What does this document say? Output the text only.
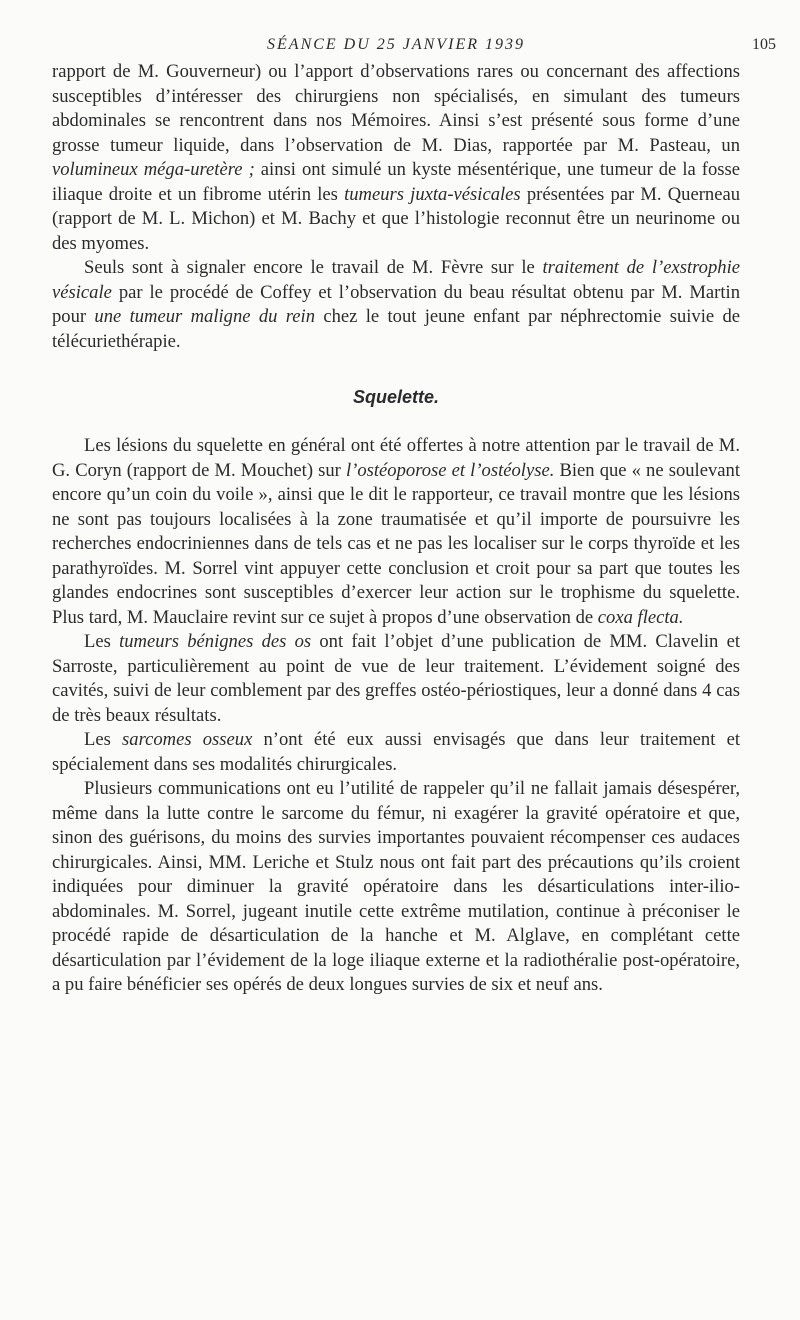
SÉANCE DU 25 JANVIER 1939	105

rapport de M. Gouverneur) ou l’apport d’observations rares ou concernant des affections susceptibles d’intéresser des chirurgiens non spécialisés, en simulant des tumeurs abdominales se rencontrent dans nos Mémoires. Ainsi s’est présenté sous forme d’une grosse tumeur liquide, dans l’observation de M. Dias, rapportée par M. Pasteau, un volumineux méga-uretère ; ainsi ont simulé un kyste mésentérique, une tumeur de la fosse iliaque droite et un fibrome utérin les tumeurs juxta-vésicales présentées par M. Querneau (rapport de M. L. Michon) et M. Bachy et que l’histologie reconnut être un neurinome ou des myomes.

Seuls sont à signaler encore le travail de M. Fèvre sur le traitement de l’exstrophie vésicale par le procédé de Coffey et l’observation du beau résultat obtenu par M. Martin pour une tumeur maligne du rein chez le tout jeune enfant par néphrectomie suivie de télécuriethérapie.

Squelette.

Les lésions du squelette en général ont été offertes à notre attention par le travail de M. G. Coryn (rapport de M. Mouchet) sur l’ostéoporose et l’ostéolyse. Bien que « ne soulevant encore qu’un coin du voile », ainsi que le dit le rapporteur, ce travail montre que les lésions ne sont pas toujours localisées à la zone traumatisée et qu’il importe de poursuivre les recherches endocriniennes dans de tels cas et ne pas les localiser sur le corps thyroïde et les parathyroïdes. M. Sorrel vint appuyer cette conclusion et croit pour sa part que toutes les glandes endocrines sont susceptibles d’exercer leur action sur le trophisme du squelette. Plus tard, M. Mauclaire revint sur ce sujet à propos d’une observation de coxa flecta.

Les tumeurs bénignes des os ont fait l’objet d’une publication de MM. Clavelin et Sarroste, particulièrement au point de vue de leur traitement. L’évidement soigné des cavités, suivi de leur comblement par des greffes ostéo-périostiques, leur a donné dans 4 cas de très beaux résultats.

Les sarcomes osseux n’ont été eux aussi envisagés que dans leur traitement et spécialement dans ses modalités chirurgicales.

Plusieurs communications ont eu l’utilité de rappeler qu’il ne fallait jamais désespérer, même dans la lutte contre le sarcome du fémur, ni exagérer la gravité opératoire et que, sinon des guérisons, du moins des survies importantes pouvaient récompenser ces audaces chirurgicales. Ainsi, MM. Leriche et Stulz nous ont fait part des précautions qu’ils croient indiquées pour diminuer la gravité opératoire dans les désarticulations inter-ilio-abdominales. M. Sorrel, jugeant inutile cette extrême mutilation, continue à préconiser le procédé rapide de désarticulation de la hanche et M. Alglave, en complétant cette désarticulation par l’évidement de la loge iliaque externe et la radiothéralie post-opératoire, a pu faire bénéficier ses opérés de deux longues survies de six et neuf ans.
